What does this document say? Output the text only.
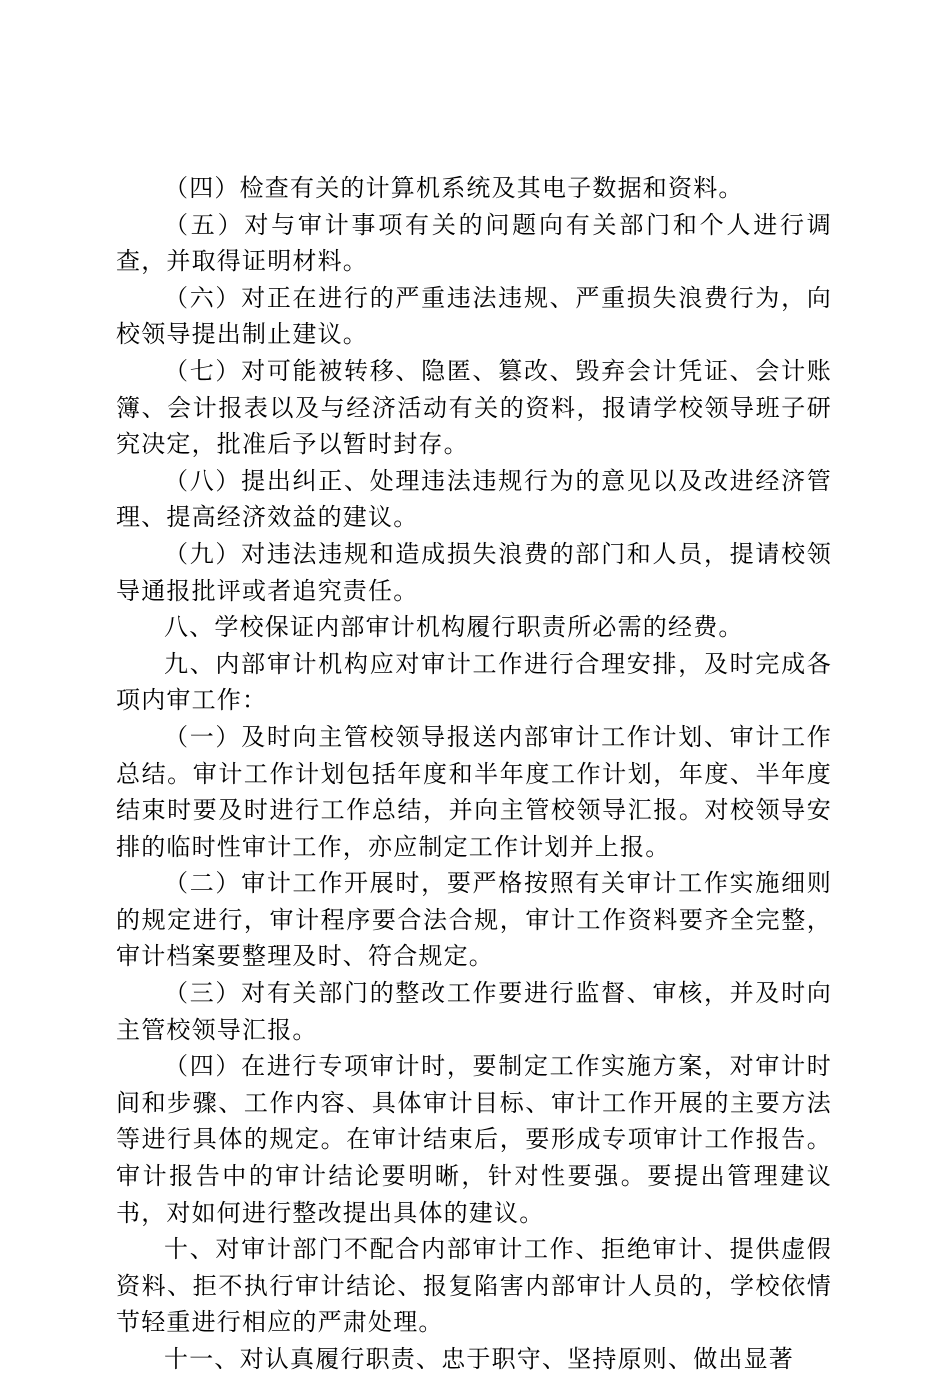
（四）检查有关的计算机系统及其电子数据和资料。

（五）对与审计事项有关的问题向有关部门和个人进行调查，并取得证明材料。

（六）对正在进行的严重违法违规、严重损失浪费行为，向校领导提出制止建议。

（七）对可能被转移、隐匿、篡改、毁弃会计凭证、会计账簿、会计报表以及与经济活动有关的资料，报请学校领导班子研究决定，批准后予以暂时封存。

（八）提出纠正、处理违法违规行为的意见以及改进经济管理、提高经济效益的建议。

（九）对违法违规和造成损失浪费的部门和人员，提请校领导通报批评或者追究责任。

八、学校保证内部审计机构履行职责所必需的经费。

九、内部审计机构应对审计工作进行合理安排，及时完成各项内审工作：

（一）及时向主管校领导报送内部审计工作计划、审计工作总结。审计工作计划包括年度和半年度工作计划，年度、半年度结束时要及时进行工作总结，并向主管校领导汇报。对校领导安排的临时性审计工作，亦应制定工作计划并上报。

（二）审计工作开展时，要严格按照有关审计工作实施细则的规定进行，审计程序要合法合规，审计工作资料要齐全完整，审计档案要整理及时、符合规定。

（三）对有关部门的整改工作要进行监督、审核，并及时向主管校领导汇报。

（四）在进行专项审计时，要制定工作实施方案，对审计时间和步骤、工作内容、具体审计目标、审计工作开展的主要方法等进行具体的规定。在审计结束后，要形成专项审计工作报告。审计报告中的审计结论要明晰，针对性要强。要提出管理建议书，对如何进行整改提出具体的建议。

十、对审计部门不配合内部审计工作、拒绝审计、提供虚假资料、拒不执行审计结论、报复陷害内部审计人员的，学校依情节轻重进行相应的严肃处理。

十一、对认真履行职责、忠于职守、坚持原则、做出显著
